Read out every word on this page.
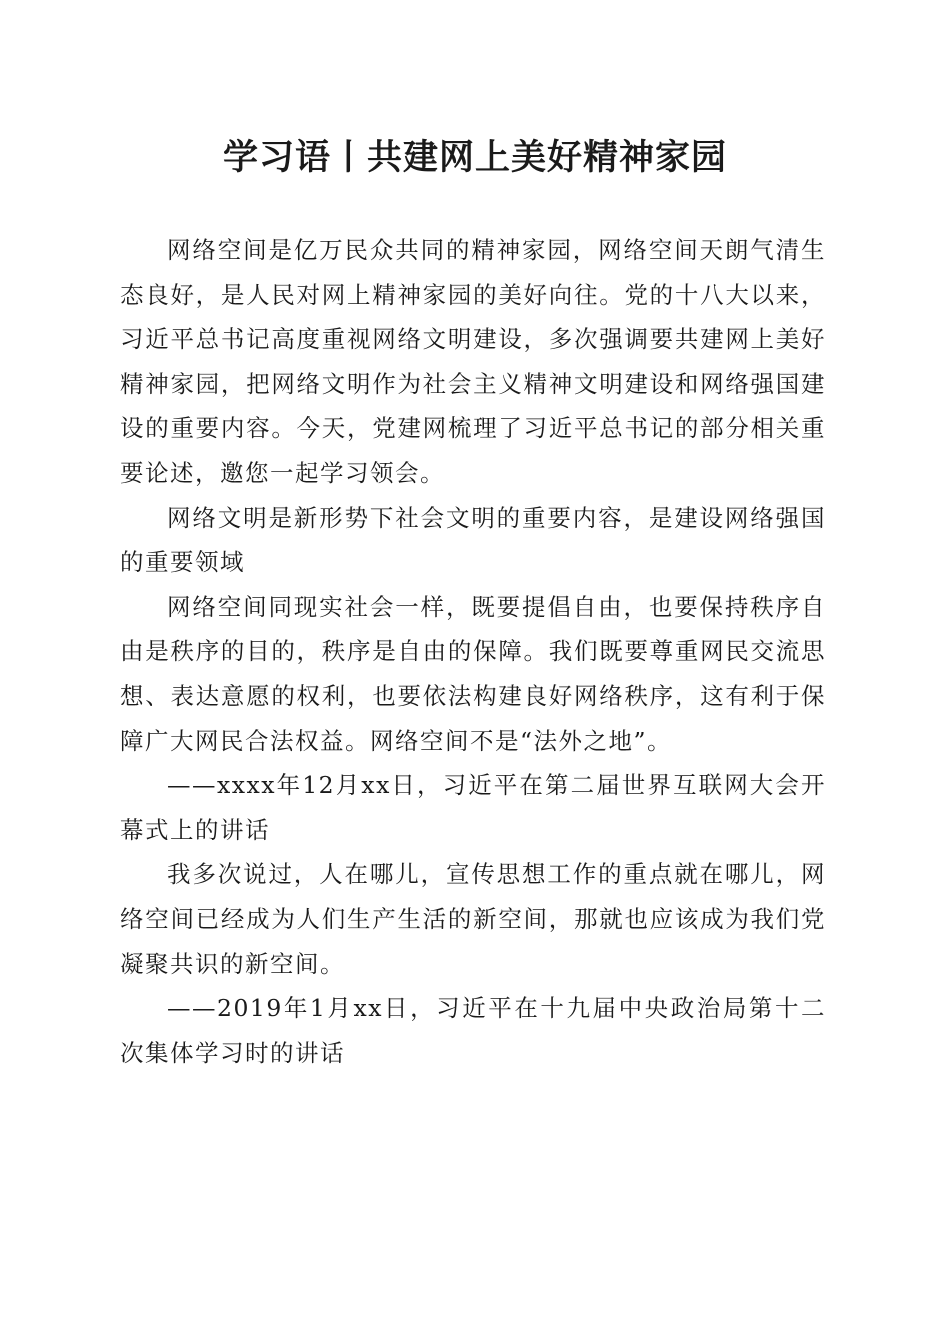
学习语丨共建网上美好精神家园

网络空间是亿万民众共同的精神家园，网络空间天朗气清生态良好，是人民对网上精神家园的美好向往。党的十八大以来，习近平总书记高度重视网络文明建设，多次强调要共建网上美好精神家园，把网络文明作为社会主义精神文明建设和网络强国建设的重要内容。今天，党建网梳理了习近平总书记的部分相关重要论述，邀您一起学习领会。

网络文明是新形势下社会文明的重要内容，是建设网络强国的重要领域

网络空间同现实社会一样，既要提倡自由，也要保持秩序自由是秩序的目的，秩序是自由的保障。我们既要尊重网民交流思想、表达意愿的权利，也要依法构建良好网络秩序，这有利于保障广大网民合法权益。网络空间不是“法外之地”。

——xxxx年12月xx日，习近平在第二届世界互联网大会开幕式上的讲话

我多次说过，人在哪儿，宣传思想工作的重点就在哪儿，网络空间已经成为人们生产生活的新空间，那就也应该成为我们党凝聚共识的新空间。

——2019年1月xx日，习近平在十九届中央政治局第十二次集体学习时的讲话
